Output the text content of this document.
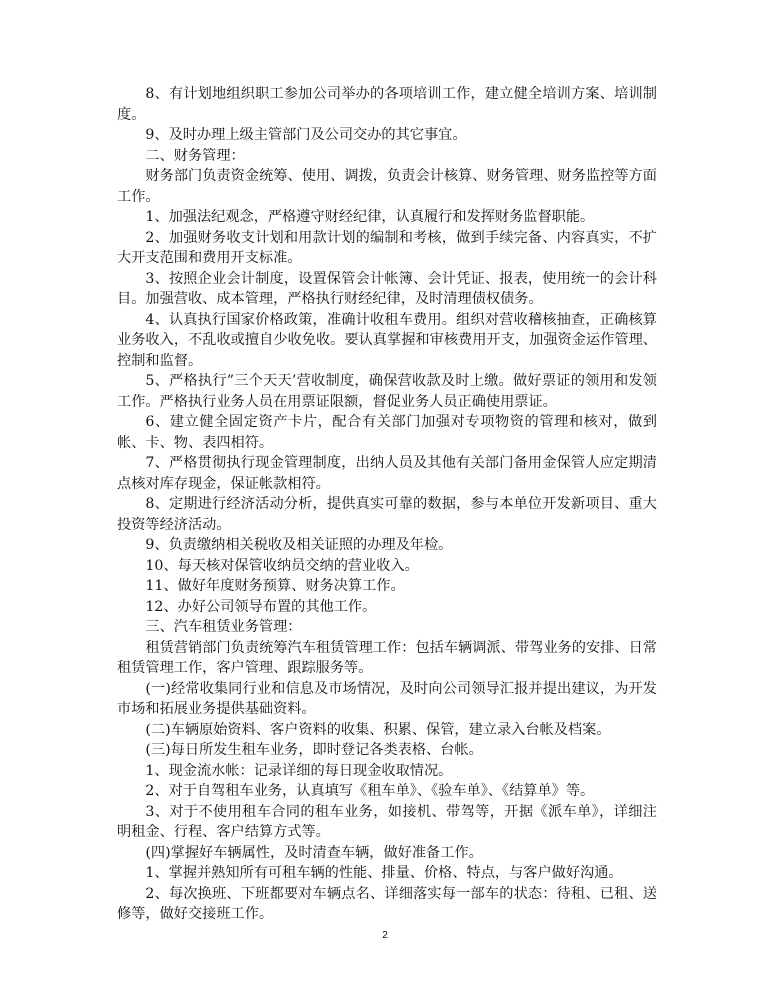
8、有计划地组织职工参加公司举办的各项培训工作，建立健全培训方案、培训制度。

9、及时办理上级主管部门及公司交办的其它事宜。

二、财务管理：

财务部门负责资金统筹、使用、调拨，负责会计核算、财务管理、财务监控等方面工作。

1、加强法纪观念，严格遵守财经纪律，认真履行和发挥财务监督职能。

2、加强财务收支计划和用款计划的编制和考核，做到手续完备、内容真实，不扩大开支范围和费用开支标准。

3、按照企业会计制度，设置保管会计帐簿、会计凭证、报表，使用统一的会计科目。加强营收、成本管理，严格执行财经纪律，及时清理债权债务。

4、认真执行国家价格政策，准确计收租车费用。组织对营收稽核抽查，正确核算业务收入，不乱收或擅自少收免收。要认真掌握和审核费用开支，加强资金运作管理、控制和监督。

5、严格执行”三个天天’营收制度，确保营收款及时上缴。做好票证的领用和发领工作。严格执行业务人员在用票证限额，督促业务人员正确使用票证。

6、建立健全固定资产卡片，配合有关部门加强对专项物资的管理和核对，做到帐、卡、物、表四相符。

7、严格贯彻执行现金管理制度，出纳人员及其他有关部门备用金保管人应定期清点核对库存现金，保证帐款相符。

8、定期进行经济活动分析，提供真实可靠的数据，参与本单位开发新项目、重大投资等经济活动。

9、负责缴纳相关税收及相关证照的办理及年检。

10、每天核对保管收纳员交纳的营业收入。

11、做好年度财务预算、财务决算工作。

12、办好公司领导布置的其他工作。

三、汽车租赁业务管理：

租赁营销部门负责统筹汽车租赁管理工作：包括车辆调派、带驾业务的安排、日常租赁管理工作，客户管理、跟踪服务等。

(一)经常收集同行业和信息及市场情况，及时向公司领导汇报并提出建议，为开发市场和拓展业务提供基础资料。

(二)车辆原始资料、客户资料的收集、积累、保管，建立录入台帐及档案。

(三)每日所发生租车业务，即时登记各类表格、台帐。

1、现金流水帐：记录详细的每日现金收取情况。

2、对于自驾租车业务，认真填写《租车单》、《验车单》、《结算单》等。

3、对于不使用租车合同的租车业务，如接机、带驾等，开据《派车单》，详细注明租金、行程、客户结算方式等。

(四)掌握好车辆属性，及时清查车辆，做好准备工作。

1、掌握并熟知所有可租车辆的性能、排量、价格、特点，与客户做好沟通。

2、每次换班、下班都要对车辆点名、详细落实每一部车的状态：待租、已租、送修等，做好交接班工作。

2
